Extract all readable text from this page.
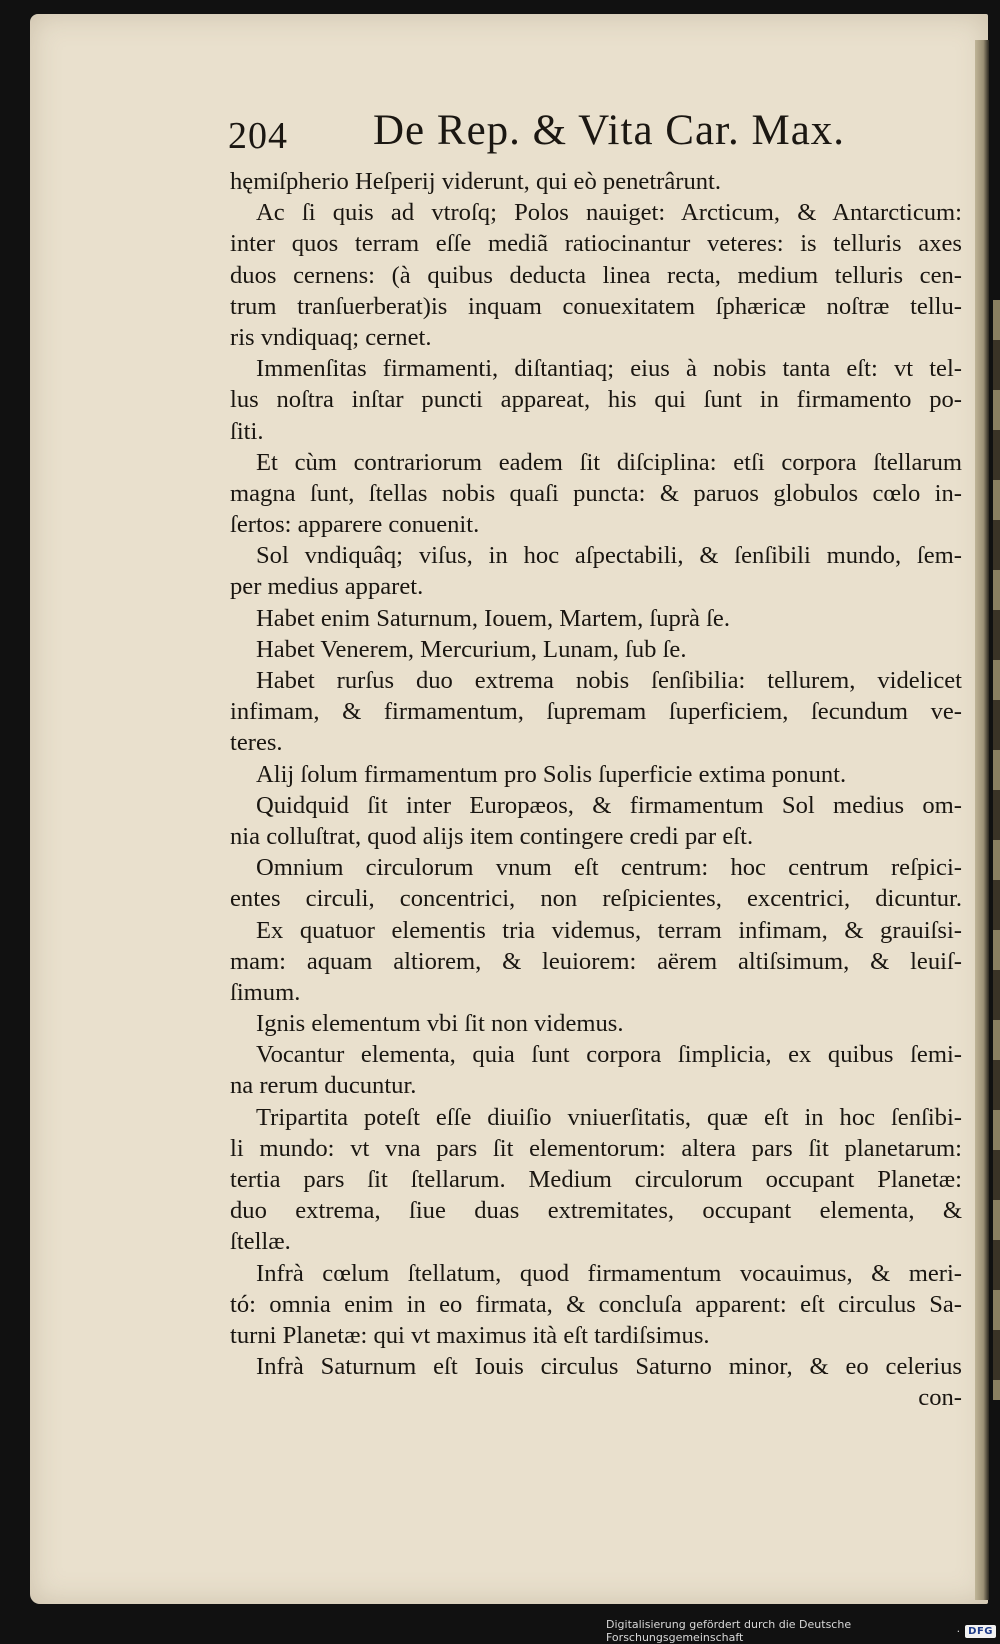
204 De Rep. & Vita Car. Max.
hęmiſpherio Heſperij viderunt, qui eò penetrârunt.
Ac ſi quis ad vtroſq; Polos nauiget: Arcticum, & Antarcticum:
inter quos terram eſſe mediã ratiocinantur veteres: is telluris axes
duos cernens: (à quibus deducta linea recta, medium telluris cen-
trum tranſuerberat)is inquam conuexitatem ſphæricæ noſtræ tellu-
ris vndiquaq; cernet.
Immenſitas firmamenti, diſtantiaq; eius à nobis tanta eſt: vt tel-
lus noſtra inſtar puncti appareat, his qui ſunt in firmamento po-
ſiti.
Et cùm contrariorum eadem ſit diſciplina: etſi corpora ſtellarum
magna ſunt, ſtellas nobis quaſi puncta: & paruos globulos cœlo in-
ſertos: apparere conuenit.
Sol vndiquâq; viſus, in hoc aſpectabili, & ſenſibili mundo, ſem-
per medius apparet.
Habet enim Saturnum, Iouem, Martem, ſuprà ſe.
Habet Venerem, Mercurium, Lunam, ſub ſe.
Habet rurſus duo extrema nobis ſenſibilia: tellurem, videlicet
infimam, & firmamentum, ſupremam ſuperficiem, ſecundum ve-
teres.
Alij ſolum firmamentum pro Solis ſuperficie extima ponunt.
Quidquid ſit inter Europæos, & firmamentum Sol medius om-
nia colluſtrat, quod alijs item contingere credi par eſt.
Omnium circulorum vnum eſt centrum: hoc centrum reſpici-
entes circuli, concentrici, non reſpicientes, excentrici, dicuntur.
Ex quatuor elementis tria videmus, terram infimam, & grauiſsi-
mam: aquam altiorem, & leuiorem: aërem altiſsimum, & leuiſ-
ſimum.
Ignis elementum vbi ſit non videmus.
Vocantur elementa, quia ſunt corpora ſimplicia, ex quibus ſemi-
na rerum ducuntur.
Tripartita poteſt eſſe diuiſio vniuerſitatis, quæ eſt in hoc ſenſibi-
li mundo: vt vna pars ſit elementorum: altera pars ſit planetarum:
tertia pars ſit ſtellarum. Medium circulorum occupant Planetæ:
duo extrema, ſiue duas extremitates, occupant elementa, &
ſtellæ.
Infrà cœlum ſtellatum, quod firmamentum vocauimus, & meri-
tó: omnia enim in eo firmata, & concluſa apparent: eſt circulus Sa-
turni Planetæ: qui vt maximus ità eſt tardiſsimus.
Infrà Saturnum eſt Iouis circulus Saturno minor, & eo celerius
con-
Digitalisierung gefördert durch die Deutsche Forschungsgemeinschaft	· DFG
